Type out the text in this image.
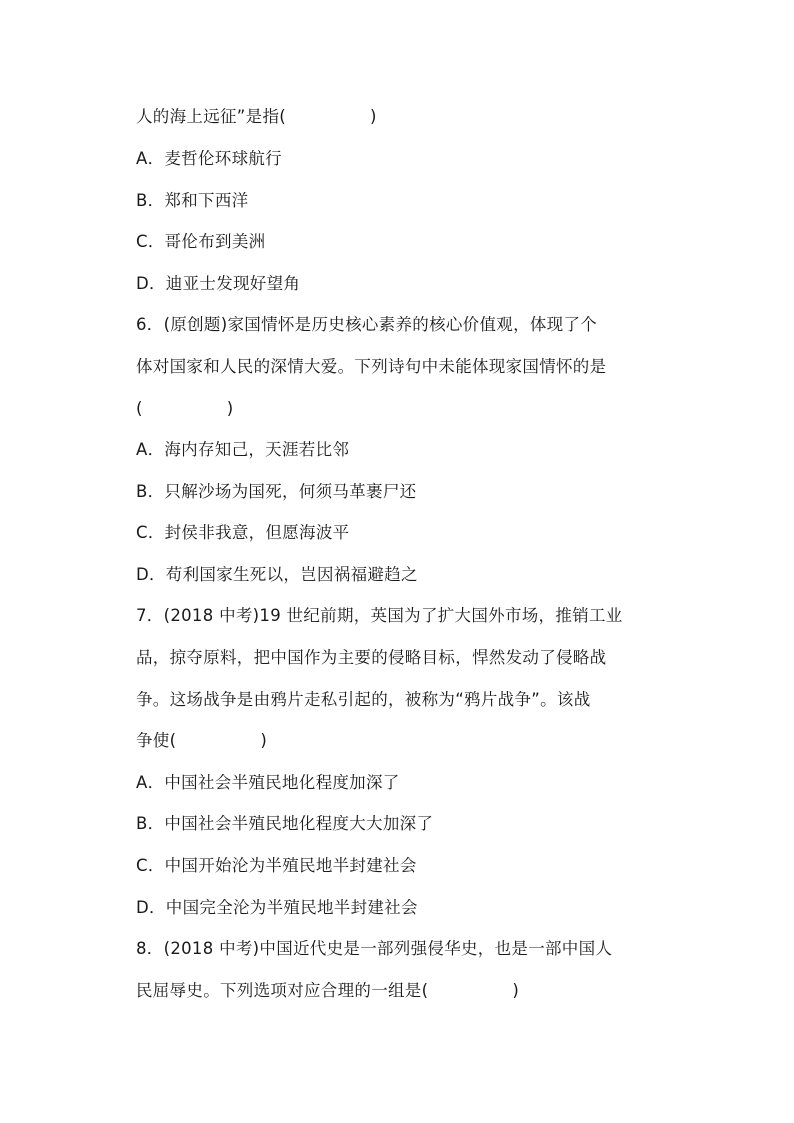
人的海上远征”是指(　　　　　)
A．麦哲伦环球航行
B．郑和下西洋
C．哥伦布到美洲
D．迪亚士发现好望角
6．(原创题)家国情怀是历史核心素养的核心价值观，体现了个
体对国家和人民的深情大爱。下列诗句中未能体现家国情怀的是
(　　　　　)
A．海内存知己，天涯若比邻
B．只解沙场为国死，何须马革裹尸还
C．封侯非我意，但愿海波平
D．苟利国家生死以，岂因祸福避趋之
7．(2018 中考)19 世纪前期，英国为了扩大国外市场，推销工业
品，掠夺原料，把中国作为主要的侵略目标，悍然发动了侵略战
争。这场战争是由鸦片走私引起的，被称为“鸦片战争”。该战
争使(　　　　　)
A．中国社会半殖民地化程度加深了
B．中国社会半殖民地化程度大大加深了
C．中国开始沦为半殖民地半封建社会
D．中国完全沦为半殖民地半封建社会
8．(2018 中考)中国近代史是一部列强侵华史，也是一部中国人
民屈辱史。下列选项对应合理的一组是(　　　　　)
